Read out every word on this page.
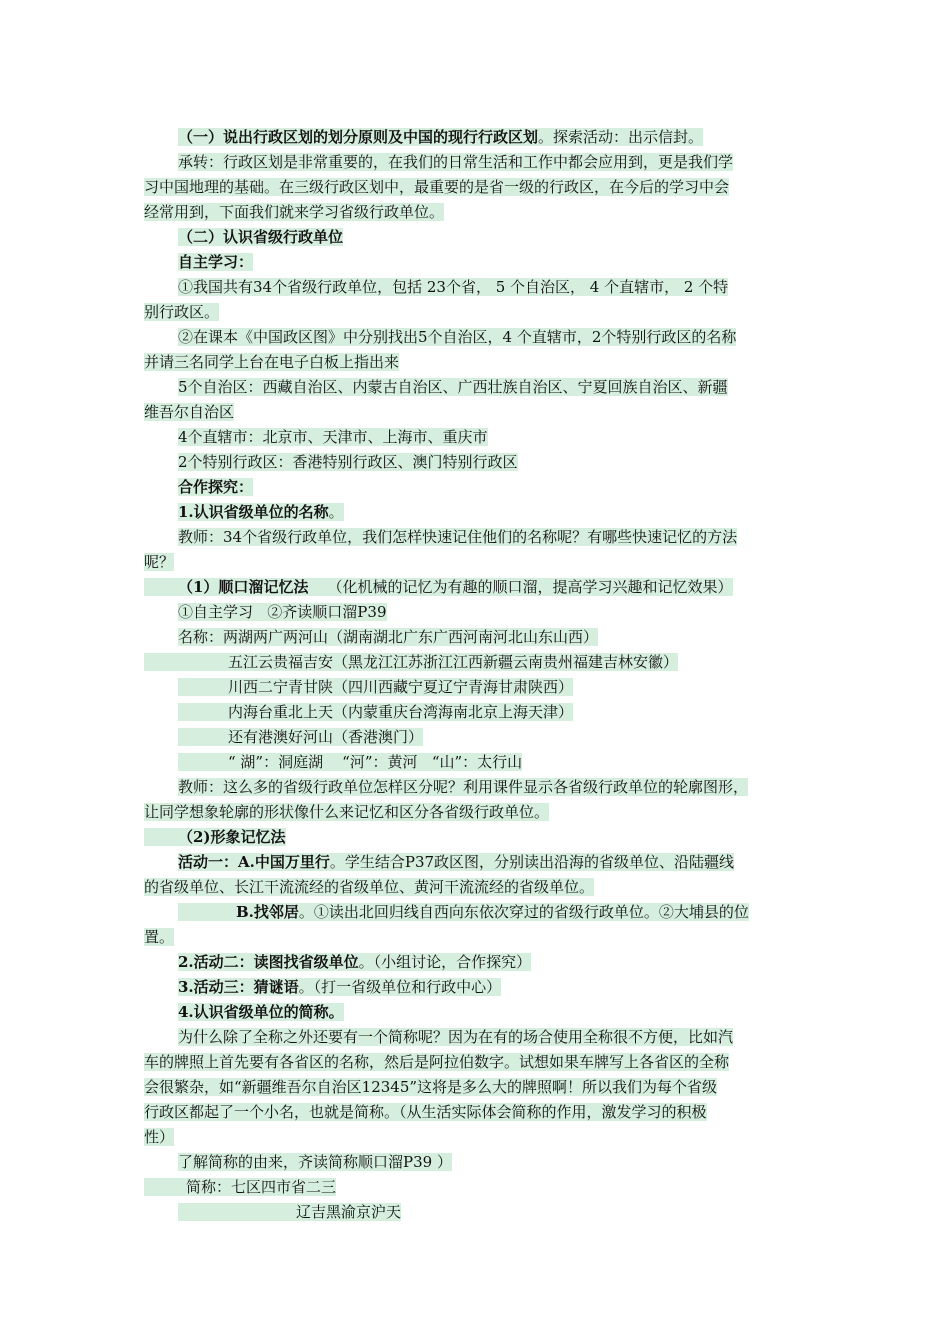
（一）说出行政区划的划分原则及中国的现行行政区划。探索活动：出示信封。
承转：行政区划是非常重要的，在我们的日常生活和工作中都会应用到，更是我们学
习中国地理的基础。在三级行政区划中，最重要的是省一级的行政区，在今后的学习中会
经常用到，下面我们就来学习省级行政单位。
（二）认识省级行政单位
自主学习：
①我国共有34个省级行政单位，包括 23个省， 5 个自治区， 4 个直辖市， 2 个特
别行政区。
②在课本《中国政区图》中分别找出5个自治区，4 个直辖市，2个特别行政区的名称
并请三名同学上台在电子白板上指出来
5个自治区：西藏自治区、内蒙古自治区、广西壮族自治区、宁夏回族自治区、新疆
维吾尔自治区
4个直辖市：北京市、天津市、上海市、重庆市
2个特别行政区：香港特别行政区、澳门特别行政区
合作探究：
1.认识省级单位的名称。
教师：34个省级行政单位，我们怎样快速记住他们的名称呢？有哪些快速记忆的方法
呢？
（1）顺口溜记忆法    （化机械的记忆为有趣的顺口溜，提高学习兴趣和记忆效果）
①自主学习   ②齐读顺口溜P39
名称：两湖两广两河山（湖南湖北广东广西河南河北山东山西）
五江云贵福吉安（黑龙江江苏浙江江西新疆云南贵州福建吉林安徽）
川西二宁青甘陕（四川西藏宁夏辽宁青海甘肃陕西）
内海台重北上天（内蒙重庆台湾海南北京上海天津）
还有港澳好河山（香港澳门）
“ 湖”：洞庭湖    “河”：黄河   “山”：太行山
教师：这么多的省级行政单位怎样区分呢？利用课件显示各省级行政单位的轮廓图形，
让同学想象轮廓的形状像什么来记忆和区分各省级行政单位。
（2)形象记忆法
活动一：A.中国万里行。学生结合P37政区图，分别读出沿海的省级单位、沿陆疆线
的省级单位、长江干流流经的省级单位、黄河干流流经的省级单位。
B.找邻居。①读出北回归线自西向东依次穿过的省级行政单位。②大埔县的位
置。
2.活动二：读图找省级单位。（小组讨论，合作探究）
3.活动三：猜谜语。（打一省级单位和行政中心）
4.认识省级单位的简称。
为什么除了全称之外还要有一个简称呢？因为在有的场合使用全称很不方便，比如汽
车的牌照上首先要有各省区的名称，然后是阿拉伯数字。试想如果车牌写上各省区的全称
会很繁杂，如“新疆维吾尔自治区12345”这将是多么大的牌照啊！所以我们为每个省级
行政区都起了一个小名，也就是简称。（从生活实际体会简称的作用，激发学习的积极
性）
了解简称的由来，齐读简称顺口溜P39 ）
简称：七区四市省二三
辽吉黑渝京沪天
